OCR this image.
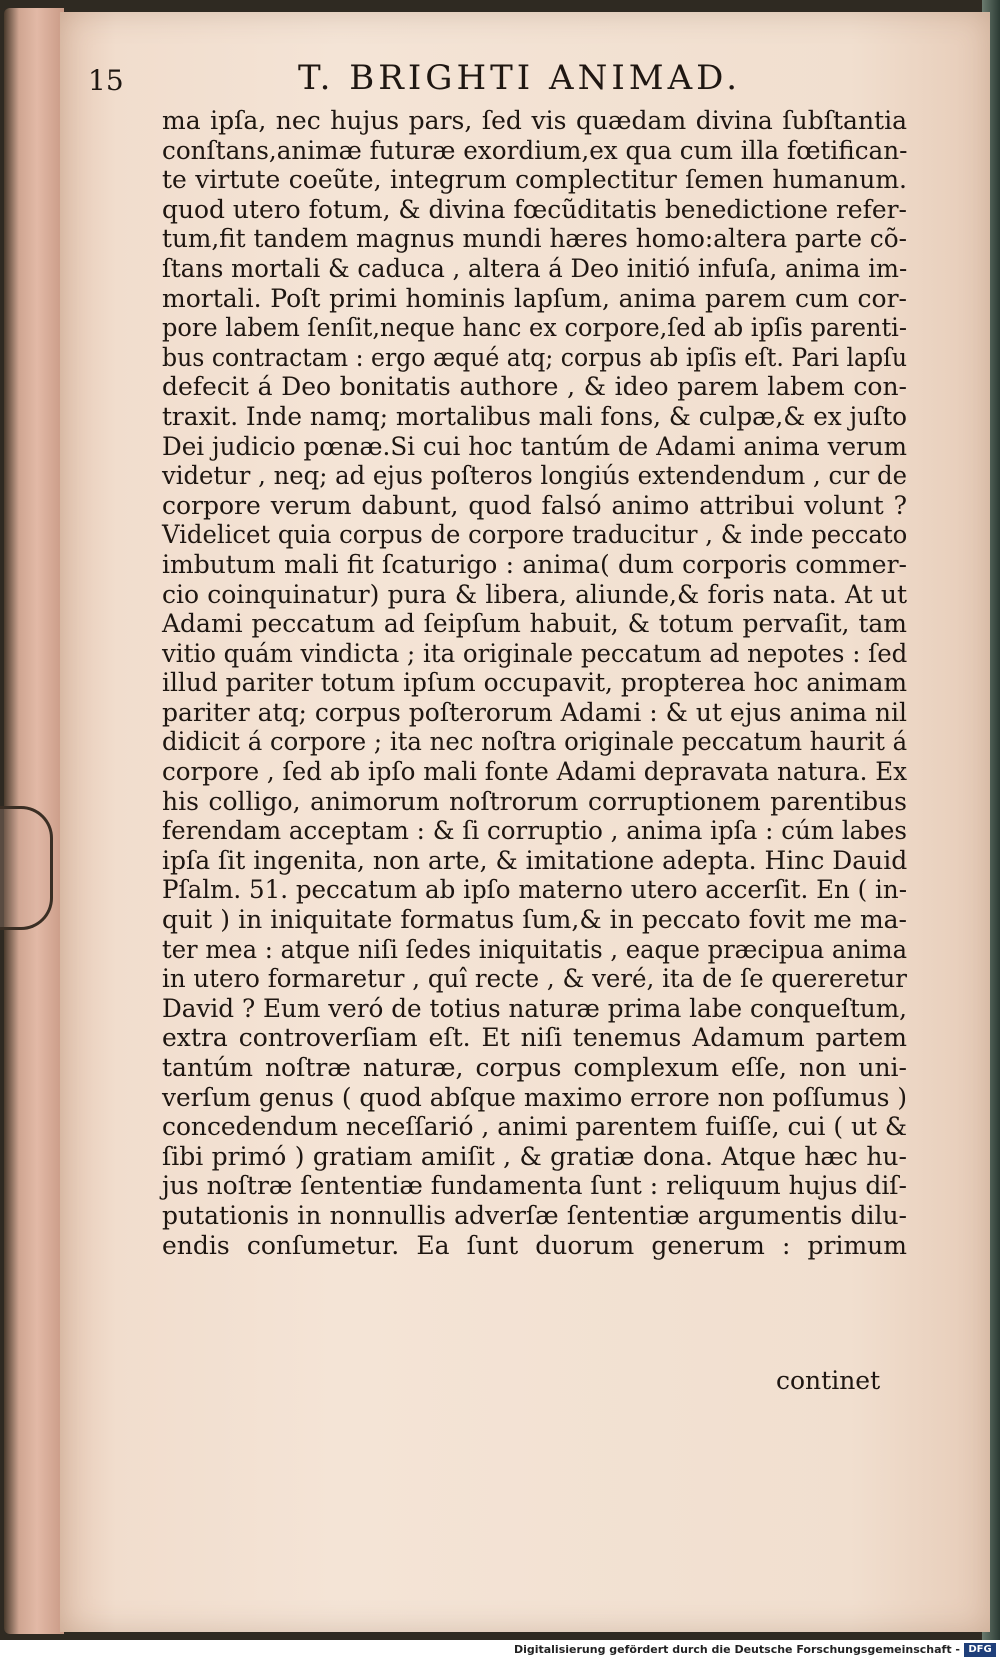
15	T. BRIGHTI ANIMAD.
ma ipſa, nec hujus pars, ſed vis quædam divina ſubſtantia
conſtans,animæ futuræ exordium,ex qua cum illa fœtifican-
te virtute coeũte, integrum complectitur ſemen humanum.
quod utero fotum, & divina fœcũditatis benedictione refer-
tum,fit tandem magnus mundi hæres homo:altera parte cõ-
ſtans mortali & caduca , altera á Deo initió infuſa, anima im-
mortali. Poſt primi hominis lapſum, anima parem cum cor-
pore labem ſenſit,neque hanc ex corpore,ſed ab ipſis parenti-
bus contractam : ergo æqué atq; corpus ab ipſis eſt. Pari lapſu
defecit á Deo bonitatis authore , & ideo parem labem con-
traxit. Inde namq; mortalibus mali fons, & culpæ,& ex juſto
Dei judicio pœnæ.Si cui hoc tantúm de Adami anima verum
videtur , neq; ad ejus poſteros longiús extendendum , cur de
corpore verum dabunt, quod falsó animo attribui volunt ?
Videlicet quia corpus de corpore traducitur , & inde peccato
imbutum mali fit ſcaturigo : anima( dum corporis commer-
cio coinquinatur) pura & libera, aliunde,& foris nata. At ut
Adami peccatum ad ſeipſum habuit, & totum pervaſit, tam
vitio quám vindicta ; ita originale peccatum ad nepotes : ſed
illud pariter totum ipſum occupavit, propterea hoc animam
pariter atq; corpus poſterorum Adami : & ut ejus anima nil
didicit á corpore ; ita nec noſtra originale peccatum haurit á
corpore , ſed ab ipſo mali fonte Adami depravata natura. Ex
his colligo, animorum noſtrorum corruptionem parentibus
ferendam acceptam : & ſi corruptio , anima ipſa : cúm labes
ipſa ſit ingenita, non arte, & imitatione adepta. Hinc Dauid
Pſalm. 51. peccatum ab ipſo materno utero accerſit. En ( in-
quit ) in iniquitate formatus ſum,& in peccato fovit me ma-
ter mea : atque niſi ſedes iniquitatis , eaque præcipua anima
in utero formaretur , quî recte , & veré, ita de ſe quereretur
David ? Eum veró de totius naturæ prima labe conqueſtum,
extra controverſiam eſt. Et niſi tenemus Adamum partem
tantúm noſtræ naturæ, corpus complexum eſſe, non uni-
verſum genus ( quod abſque maximo errore non poſſumus )
concedendum neceſſarió , animi parentem fuiſſe, cui ( ut &
ſibi primó ) gratiam amiſit , & gratiæ dona. Atque hæc hu-
jus noſtræ ſententiæ fundamenta ſunt : reliquum hujus diſ-
putationis in nonnullis adverſæ ſententiæ argumentis dilu-
endis conſumetur. Ea ſunt duorum generum : primum
continet
Digitalisierung gefördert durch die Deutsche Forschungsgemeinschaft - DFG
